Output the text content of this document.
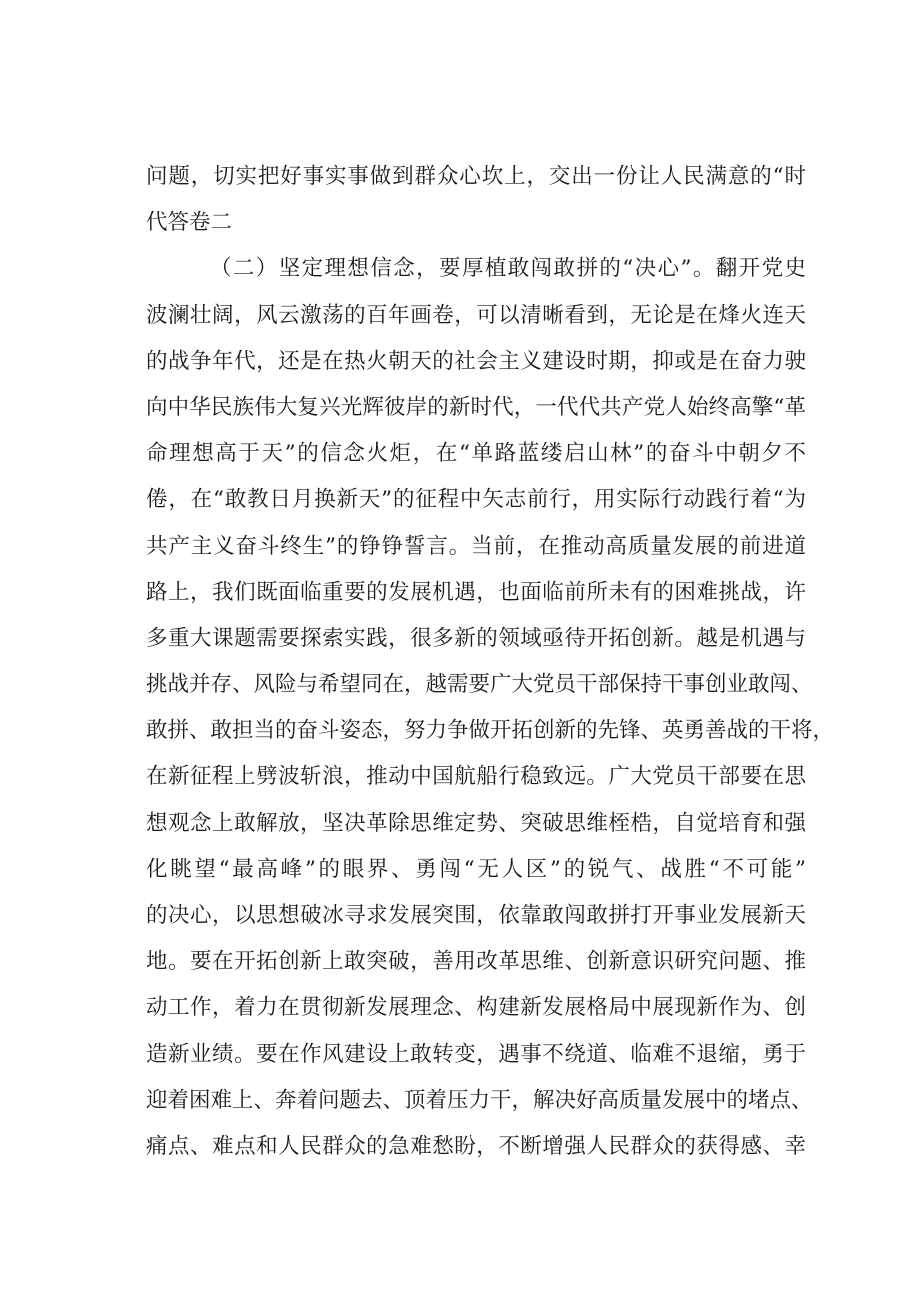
问题，切实把好事实事做到群众心坎上，交出一份让人民满意的“时
代答卷二
（二）坚定理想信念，要厚植敢闯敢拼的“决心”。翻开党史
波澜壮阔，风云激荡的百年画卷，可以清晰看到，无论是在烽火连天
的战争年代，还是在热火朝天的社会主义建设时期，抑或是在奋力驶
向中华民族伟大复兴光辉彼岸的新时代，一代代共产党人始终高擎“革
命理想高于天”的信念火炬，在“单路蓝缕启山林”的奋斗中朝夕不
倦，在“敢教日月换新天”的征程中矢志前行，用实际行动践行着“为
共产主义奋斗终生”的铮铮誓言。当前，在推动高质量发展的前进道
路上，我们既面临重要的发展机遇，也面临前所未有的困难挑战，许
多重大课题需要探索实践，很多新的领域亟待开拓创新。越是机遇与
挑战并存、风险与希望同在，越需要广大党员干部保持干事创业敢闯、
敢拼、敢担当的奋斗姿态，努力争做开拓创新的先锋、英勇善战的干将，
在新征程上劈波斩浪，推动中国航船行稳致远。广大党员干部要在思
想观念上敢解放，坚决革除思维定势、突破思维桎梏，自觉培育和强
化眺望“最高峰”的眼界、勇闯“无人区”的锐气、战胜“不可能”
的决心，以思想破冰寻求发展突围，依靠敢闯敢拼打开事业发展新天
地。要在开拓创新上敢突破，善用改革思维、创新意识研究问题、推
动工作，着力在贯彻新发展理念、构建新发展格局中展现新作为、创
造新业绩。要在作风建设上敢转变，遇事不绕道、临难不退缩，勇于
迎着困难上、奔着问题去、顶着压力干，解决好高质量发展中的堵点、
痛点、难点和人民群众的急难愁盼，不断增强人民群众的获得感、幸
